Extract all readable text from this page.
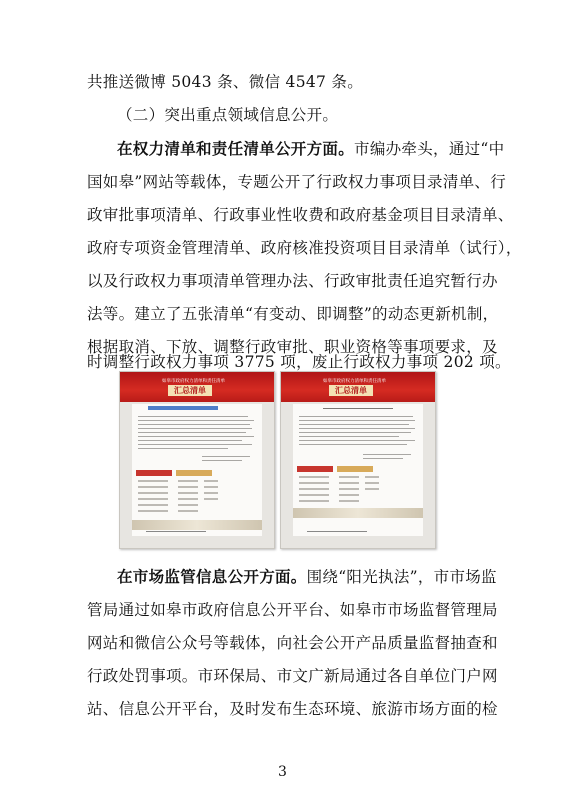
共推送微博 5043 条、微信 4547 条。
（二）突出重点领域信息公开。
在权力清单和责任清单公开方面。市编办牵头，通过“中
国如皋”网站等载体，专题公开了行政权力事项目录清单、行
政审批事项清单、行政事业性收费和政府基金项目目录清单、
政府专项资金管理清单、政府核准投资项目目录清单（试行），
以及行政权力事项清单管理办法、行政审批责任追究暂行办
法等。建立了五张清单“有变动、即调整”的动态更新机制，
根据取消、下放、调整行政审批、职业资格等事项要求，及
如皋市政府权力清单和责任清单
汇总清单
如皋市政府权力清单和责任清单
汇总清单
时调整行政权力事项 3775 项，废止行政权力事项 202 项。
在市场监管信息公开方面。围绕“阳光执法”，市市场监
管局通过如皋市政府信息公开平台、如皋市市场监督管理局
网站和微信公众号等载体，向社会公开产品质量监督抽查和
行政处罚事项。市环保局、市文广新局通过各自单位门户网
站、信息公开平台，及时发布生态环境、旅游市场方面的检
3
